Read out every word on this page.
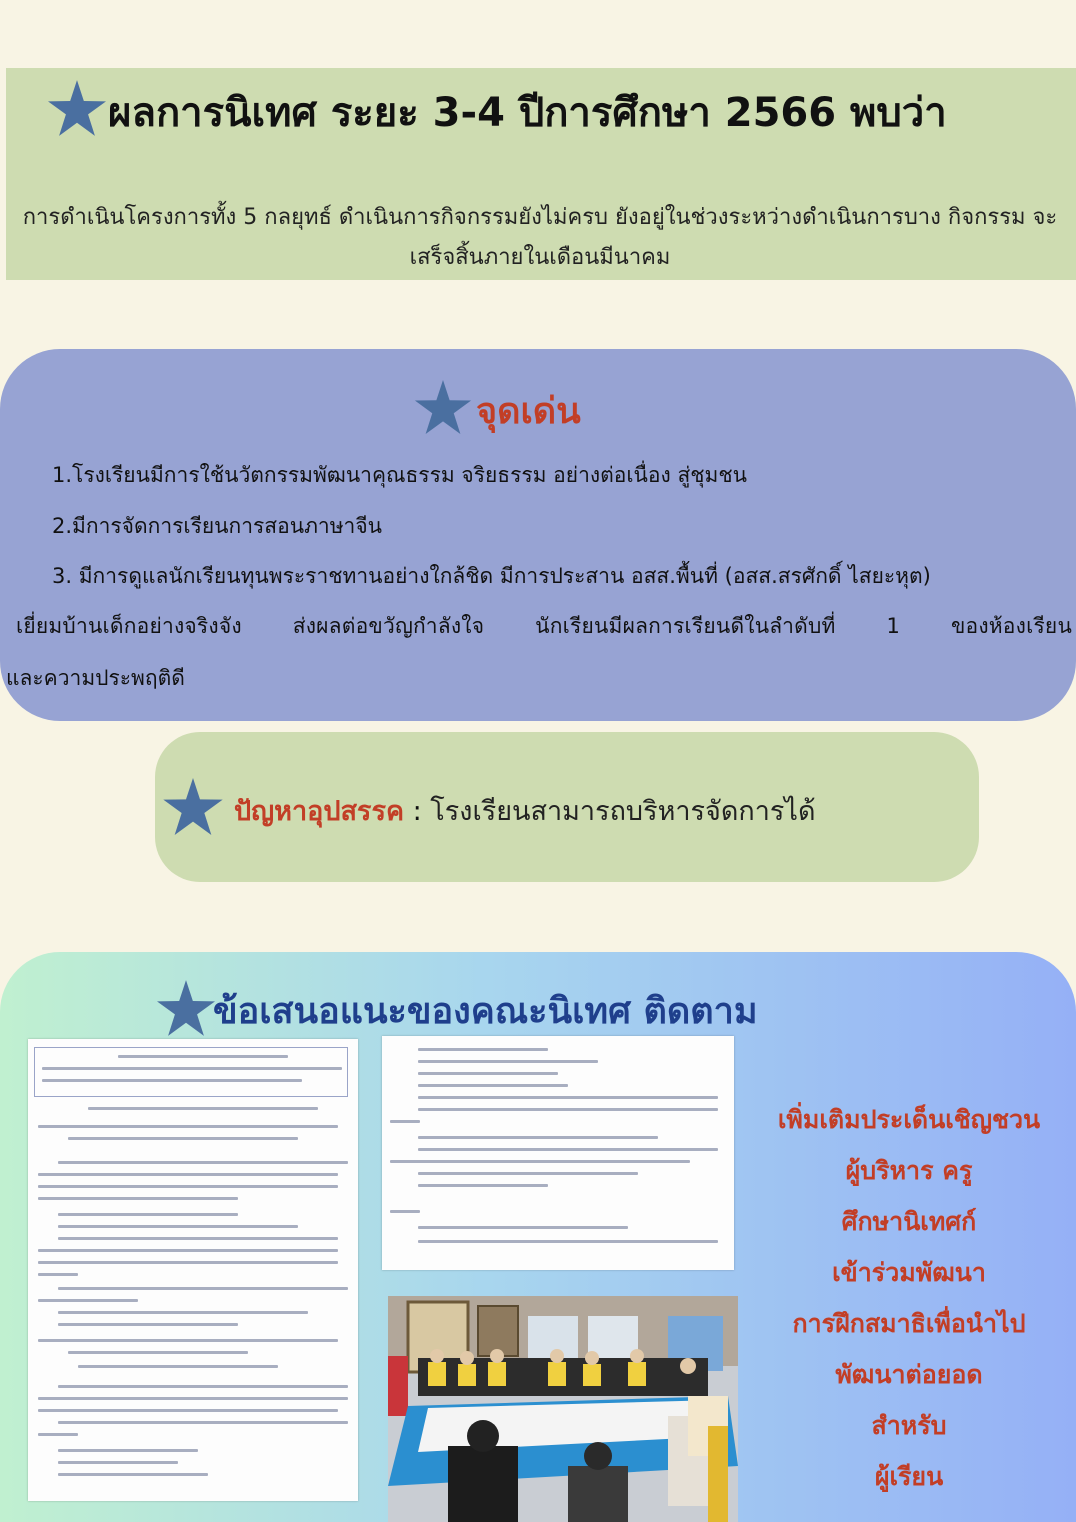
ผลการนิเทศ ระยะ 3-4 ปีการศึกษา 2566 พบว่า
การดำเนินโครงการทั้ง 5 กลยุทธ์ ดำเนินการกิจกรรมยังไม่ครบ ยังอยู่ในช่วงระหว่างดำเนินการบาง กิจกรรม จะเสร็จสิ้นภายในเดือนมีนาคม
จุดเด่น
1.โรงเรียนมีการใช้นวัตกรรมพัฒนาคุณธรรม จริยธรรม อย่างต่อเนื่อง สู่ชุมชน
2.มีการจัดการเรียนการสอนภาษาจีน
3. มีการดูแลนักเรียนทุนพระราชทานอย่างใกล้ชิด มีการประสาน อสส.พื้นที่ (อสส.สรศักดิ์ ไสยะหุต)
เยี่ยมบ้านเด็กอย่างจริงจัง ส่งผลต่อขวัญกำลังใจ นักเรียนมีผลการเรียนดีในลำดับที่ 1 ของห้องเรียน
และความประพฤติดี
ปัญหาอุปสรรค : โรงเรียนสามารถบริหารจัดการได้
ข้อเสนอแนะของคณะนิเทศ ติดตาม
เพิ่มเติมประเด็นเชิญชวน
ผู้บริหาร ครู
ศึกษานิเทศก์
เข้าร่วมพัฒนา
การฝึกสมาธิเพื่อนำไป
พัฒนาต่อยอด
สำหรับ
ผู้เรียน
